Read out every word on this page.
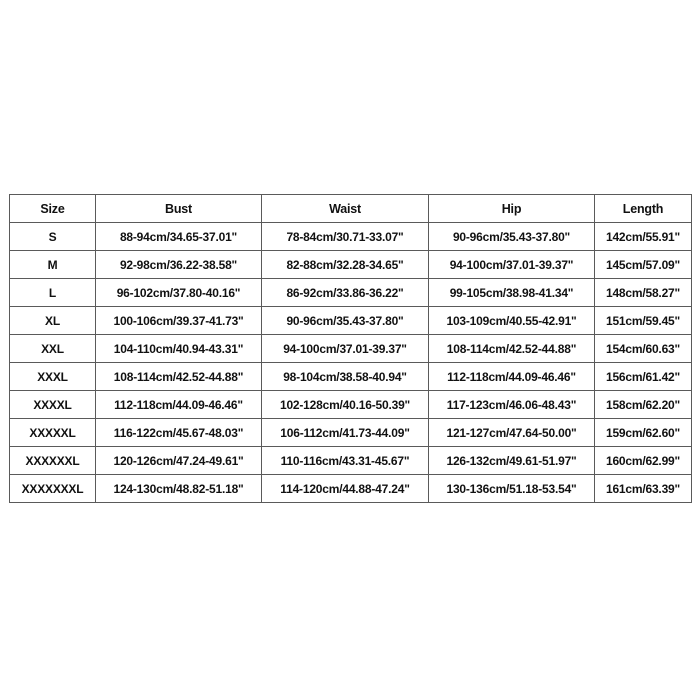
Size	Bust	Waist	Hip	Length
S	88-94cm/34.65-37.01"	78-84cm/30.71-33.07"	90-96cm/35.43-37.80"	142cm/55.91"
M	92-98cm/36.22-38.58"	82-88cm/32.28-34.65"	94-100cm/37.01-39.37"	145cm/57.09"
L	96-102cm/37.80-40.16"	86-92cm/33.86-36.22"	99-105cm/38.98-41.34"	148cm/58.27"
XL	100-106cm/39.37-41.73"	90-96cm/35.43-37.80"	103-109cm/40.55-42.91"	151cm/59.45"
XXL	104-110cm/40.94-43.31"	94-100cm/37.01-39.37"	108-114cm/42.52-44.88"	154cm/60.63"
XXXL	108-114cm/42.52-44.88"	98-104cm/38.58-40.94"	112-118cm/44.09-46.46"	156cm/61.42"
XXXXL	112-118cm/44.09-46.46"	102-128cm/40.16-50.39"	117-123cm/46.06-48.43"	158cm/62.20"
XXXXXL	116-122cm/45.67-48.03"	106-112cm/41.73-44.09"	121-127cm/47.64-50.00"	159cm/62.60"
XXXXXXL	120-126cm/47.24-49.61"	110-116cm/43.31-45.67"	126-132cm/49.61-51.97"	160cm/62.99"
XXXXXXXL	124-130cm/48.82-51.18"	114-120cm/44.88-47.24"	130-136cm/51.18-53.54"	161cm/63.39"
